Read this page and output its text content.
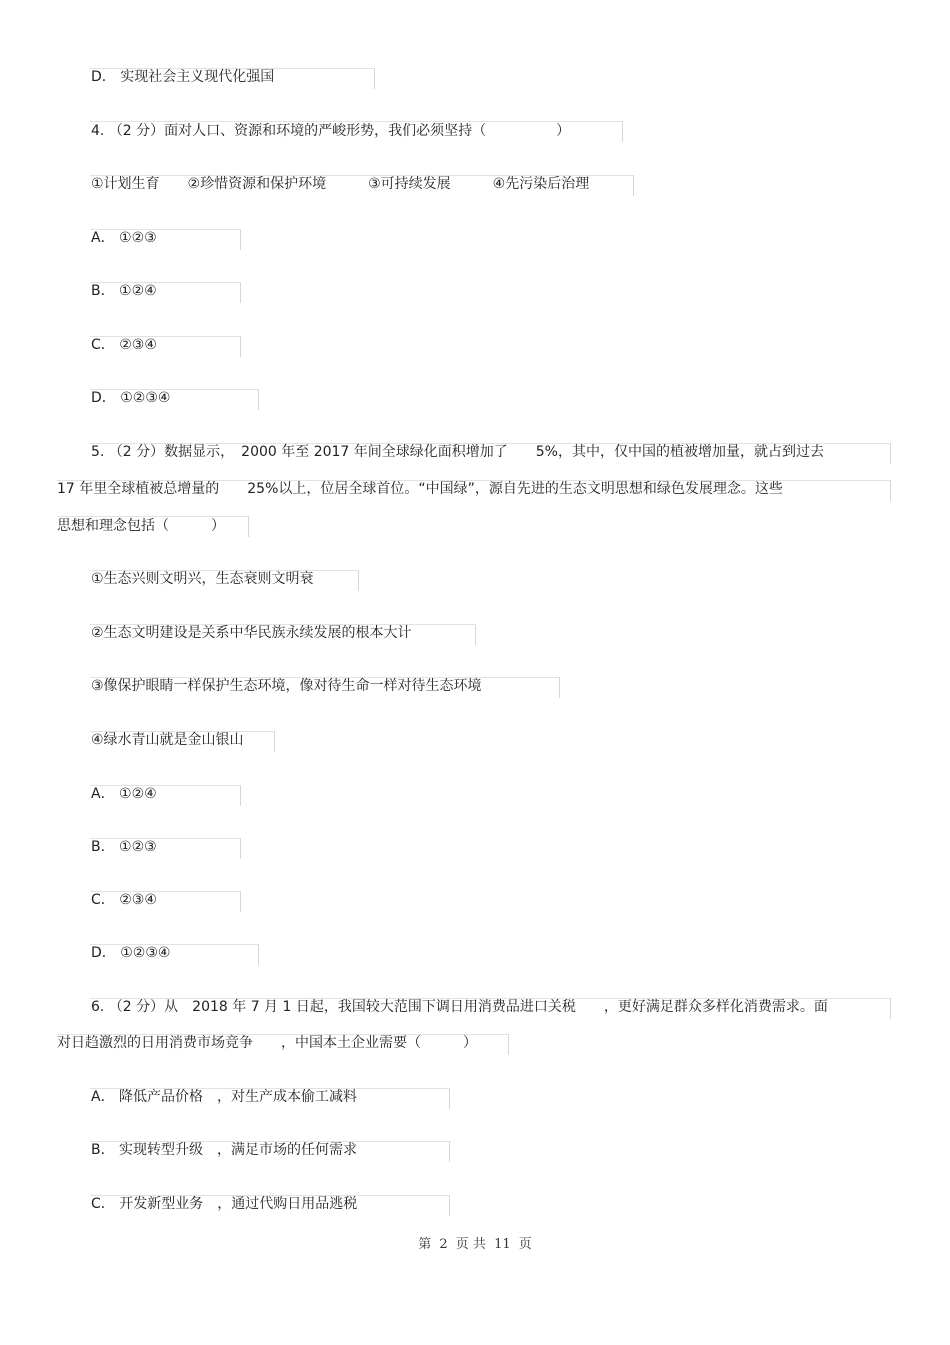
D． 实现社会主义现代化强国
4. （2 分）面对人口、资源和环境的严峻形势，我们必须坚持（　　　　　）
①计划生育　　②珍惜资源和保护环境　　　③可持续发展　　　④先污染后治理
A． ①②③
B． ①②④
C． ②③④
D． ①②③④
5. （2 分）数据显示，　2000 年至 2017 年间全球绿化面积增加了　　5%，其中，仅中国的植被增加量，就占到过去
17 年里全球植被总增量的　　25%以上，位居全球首位。“中国绿”，源自先进的生态文明思想和绿色发展理念。这些
思想和理念包括（　　　）
①生态兴则文明兴，生态衰则文明衰
②生态文明建设是关系中华民族永续发展的根本大计
③像保护眼睛一样保护生态环境，像对待生命一样对待生态环境
④绿水青山就是金山银山
A． ①②④
B． ①②③
C． ②③④
D． ①②③④
6. （2 分）从　2018 年 7 月 1 日起，我国较大范围下调日用消费品进口关税　　，更好满足群众多样化消费需求。面
对日趋激烈的日用消费市场竞争　　，中国本土企业需要（　　　）
A． 降低产品价格　，对生产成本偷工减料
B． 实现转型升级　，满足市场的任何需求
C． 开发新型业务　，通过代购日用品逃税
第 2 页 共 11 页
